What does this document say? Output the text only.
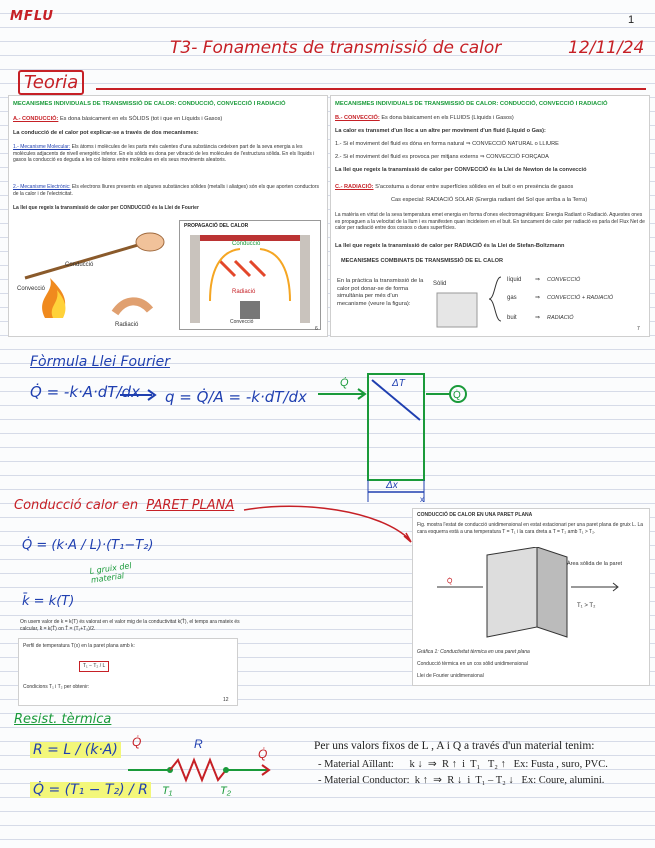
MFLU	1
T3- Fonaments de transmissió de calor	12/11/24
Teoria
MECANISMES INDIVIDUALS DE TRANSMISSIÓ DE CALOR: CONDUCCIÓ, CONVECCIÓ I RADIACIÓ
A.- CONDUCCIÓ: Es dona bàsicament en els SÒLIDS (tot i que en Líquids i Gasos)
La conducció de el calor pot explicar-se a través de dos mecanismes:
1.- Mecanisme Molecular: Els àtoms i molècules de les parts més calentes d'una substància cedeixen part de la seva energia a les molècules adjacents de nivell energètic inferior. En els sòlids es dona per vibració de les molècules de l'estructura sòlida. En els líquids i gasos la conducció es deguda a les col·lisions entre molècules en els seus moviments aleatoris.
2.- Mecanisme Electrònic: Els electrons lliures presents en algunes substàncies sòlides (metalls i aliatges) són els que aporten conductors de la calor i de l'electricitat.
La llei que regeix la transmissió de calor per CONDUCCIÓ és la Llei de Fourier
Conducció
Convecció
Radiació
PROPAGACIÓ DEL CALOR
Conducció
Radiació
Convecció
6
MECANISMES INDIVIDUALS DE TRANSMISSIÓ DE CALOR: CONDUCCIÓ, CONVECCIÓ I RADIACIÓ
B.- CONVECCIÓ: Es dona bàsicament en els FLUIDS (Líquids i Gasos)
La calor es transmet d'un lloc a un altre per moviment d'un fluid (Líquid o Gas):
1.- Si el moviment del fluid es dóna en forma natural ⇒ CONVECCIÓ NATURAL o LLIURE
2.- Si el moviment del fluid es provoca per mitjans externs ⇒ CONVECCIÓ FORÇADA
La llei que regeix la transmissió de calor per CONVECCIÓ és la Llei de Newton de la convecció
C.- RADIACIÓ: S'acostuma a donar entre superfícies sòlides en el buit o en presència de gasos
Cas especial: RADIACIÓ SOLAR (Energia radiant del Sol que arriba a la Terra)
La matèria en virtut de la seva temperatura emet energia en forma d'ones electromagnètiques: Energia Radiant o Radiació. Aquestes ones es propaguen a la velocitat de la llum i es manifesten quan incideixen en el buit. En tancament de calor per radiació es parla del Flux Net de calor per radiació entre dos cossos o dues superfícies.
La llei que regeix la transmissió de calor per RADIACIÓ és la Llei de Stefan-Boltzmann
MECANISMES COMBINATS DE TRANSMISSIÓ DE EL CALOR
En la pràctica la transmissió de la calor pot donar-se de forma simultània per més d'un mecanisme (veure la figura):
Sòlid
líquid
gas
buit
⇒
⇒
⇒
CONVECCIÓ
CONVECCIÓ + RADIACIÓ
RADIACIÓ
7
Fòrmula Llei Fourier
Q̇ = -k·A·dT/dx q = Q̇/A = -k·dT/dx	Q̇
Q̇	ΔT
Δx
x
Conducció calor en PARET PLANA
Q̇ = (k·A / L)·(T₁−T₂)
L gruix del material
k̄ = k(T)
On usem valor de k = k(T) és valorat en el valor mig de la conductivitat k(T̄), el temps ara mateix és calcular, k̄ = k(T̄) on T̄ = (T₁+T₂)/2.
Perfil de temperatura T(x) en la paret plana amb k:
T₁ − T₂ / L
Condicions T₁ i T₂ per obtenir:
12
CONDUCCIÓ DE CALOR EN UNA PARET PLANA
Fig. mostra l'estat de conducció unidimensional en estat estacionari per una paret plana de gruix L. La cara esquerra està a una temperatura T = T₁ i la cara dreta a T = T₂ amb T₁ > T₂.
T₁ > T₂
Àrea sòlida de la paret
Q̇
Gràfica 1: Conductivitat tèrmica en una paret plana
Conducció tèrmica en un cos sòlid unidimensional
Llei de Fourier unidimensional
Resist. tèrmica
R = L / (k·A)
Q̇ = (T₁ − T₂) / R
Q̇	R
Q̇
T₁	T₂
Per uns valors fixos de L , A i Q a través d'un material tenim:
- Material Aïllant:      k ↓  ⇒  R ↑  i  T₁   T₂ ↑   Ex: Fusta , suro, PVC.
- Material Conductor:  k ↑  ⇒  R ↓  i  T₁ – T₂ ↓   Ex: Coure, alumini.
